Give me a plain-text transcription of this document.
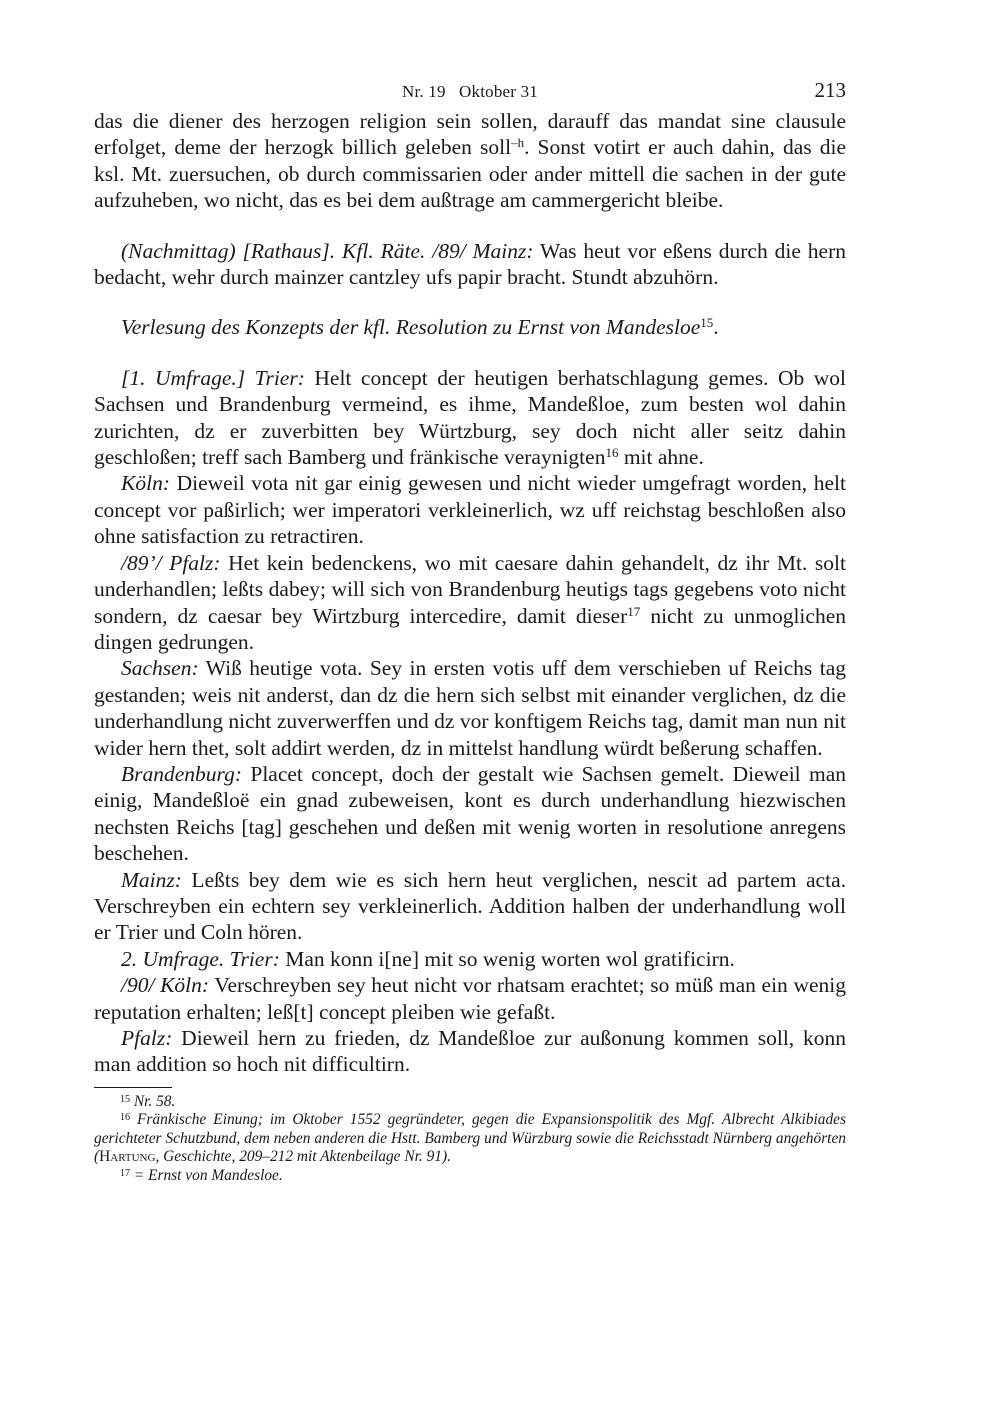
Nr. 19 Oktober 31	213

das die diener des herzogen religion sein sollen, darauff das mandat sine clausule erfolget, deme der herzogk billich geleben soll$^{-h}$. Sonst votirt er auch dahin, das die ksl. Mt. zuersuchen, ob durch commissarien oder ander mittell die sachen in der gute aufzuheben, wo nicht, das es bei dem außtrage am cammergericht bleibe.

(Nachmittag) [Rathaus]. Kfl. Räte. /89/ Mainz: Was heut vor eßens durch die hern bedacht, wehr durch mainzer cantzley ufs papir bracht. Stundt abzuhörn.

Verlesung des Konzepts der kfl. Resolution zu Ernst von Mandesloe$^{15}$.

[1. Umfrage.] Trier: Helt concept der heutigen berhatschlagung gemes. Ob wol Sachsen und Brandenburg vermeind, es ihme, Mandeßloe, zum besten wol dahin zurichten, dz er zuverbitten bey Würtzburg, sey doch nicht aller seitz dahin geschloßen; treff sach Bamberg und fränkische veraynigten$^{16}$ mit ahne.

Köln: Dieweil vota nit gar einig gewesen und nicht wieder umgefragt worden, helt concept vor paßirlich; wer imperatori verkleinerlich, wz uff reichstag beschloßen also ohne satisfaction zu retractiren.

/89’/ Pfalz: Het kein bedenckens, wo mit caesare dahin gehandelt, dz ihr Mt. solt underhandlen; leßts dabey; will sich von Brandenburg heutigs tags gegebens voto nicht sondern, dz caesar bey Wirtzburg intercedire, damit dieser$^{17}$ nicht zu unmoglichen dingen gedrungen.

Sachsen: Wiß heutige vota. Sey in ersten votis uff dem verschieben uf Reichs tag gestanden; weis nit anderst, dan dz die hern sich selbst mit einander verglichen, dz die underhandlung nicht zuverwerffen und dz vor konftigem Reichs tag, damit man nun nit wider hern thet, solt addirt werden, dz in mittelst handlung würdt beßerung schaffen.

Brandenburg: Placet concept, doch der gestalt wie Sachsen gemelt. Dieweil man einig, Mandeßloë ein gnad zubeweisen, kont es durch underhandlung hiezwischen nechsten Reichs [tag] geschehen und deßen mit wenig worten in resolutione anregens beschehen.

Mainz: Leßts bey dem wie es sich hern heut verglichen, nescit ad partem acta. Verschreyben ein echtern sey verkleinerlich. Addition halben der underhandlung woll er Trier und Coln hören.

2. Umfrage. Trier: Man konn i[ne] mit so wenig worten wol gratificirn.

/90/ Köln: Verschreyben sey heut nicht vor rhatsam erachtet; so müß man ein wenig reputation erhalten; leß[t] concept pleiben wie gefaßt.

Pfalz: Dieweil hern zu frieden, dz Mandeßloe zur außonung kommen soll, konn man addition so hoch nit difficultirn.

$^{15}$ Nr. 58.

$^{16}$ Fränkische Einung; im Oktober 1552 gegründeter, gegen die Expansionspolitik des Mgf. Albrecht Alkibiades gerichteter Schutzbund, dem neben anderen die Hstt. Bamberg und Würzburg sowie die Reichsstadt Nürnberg angehörten (Hartung, Geschichte, 209–212 mit Aktenbeilage Nr. 91).

$^{17}$ = Ernst von Mandesloe.
